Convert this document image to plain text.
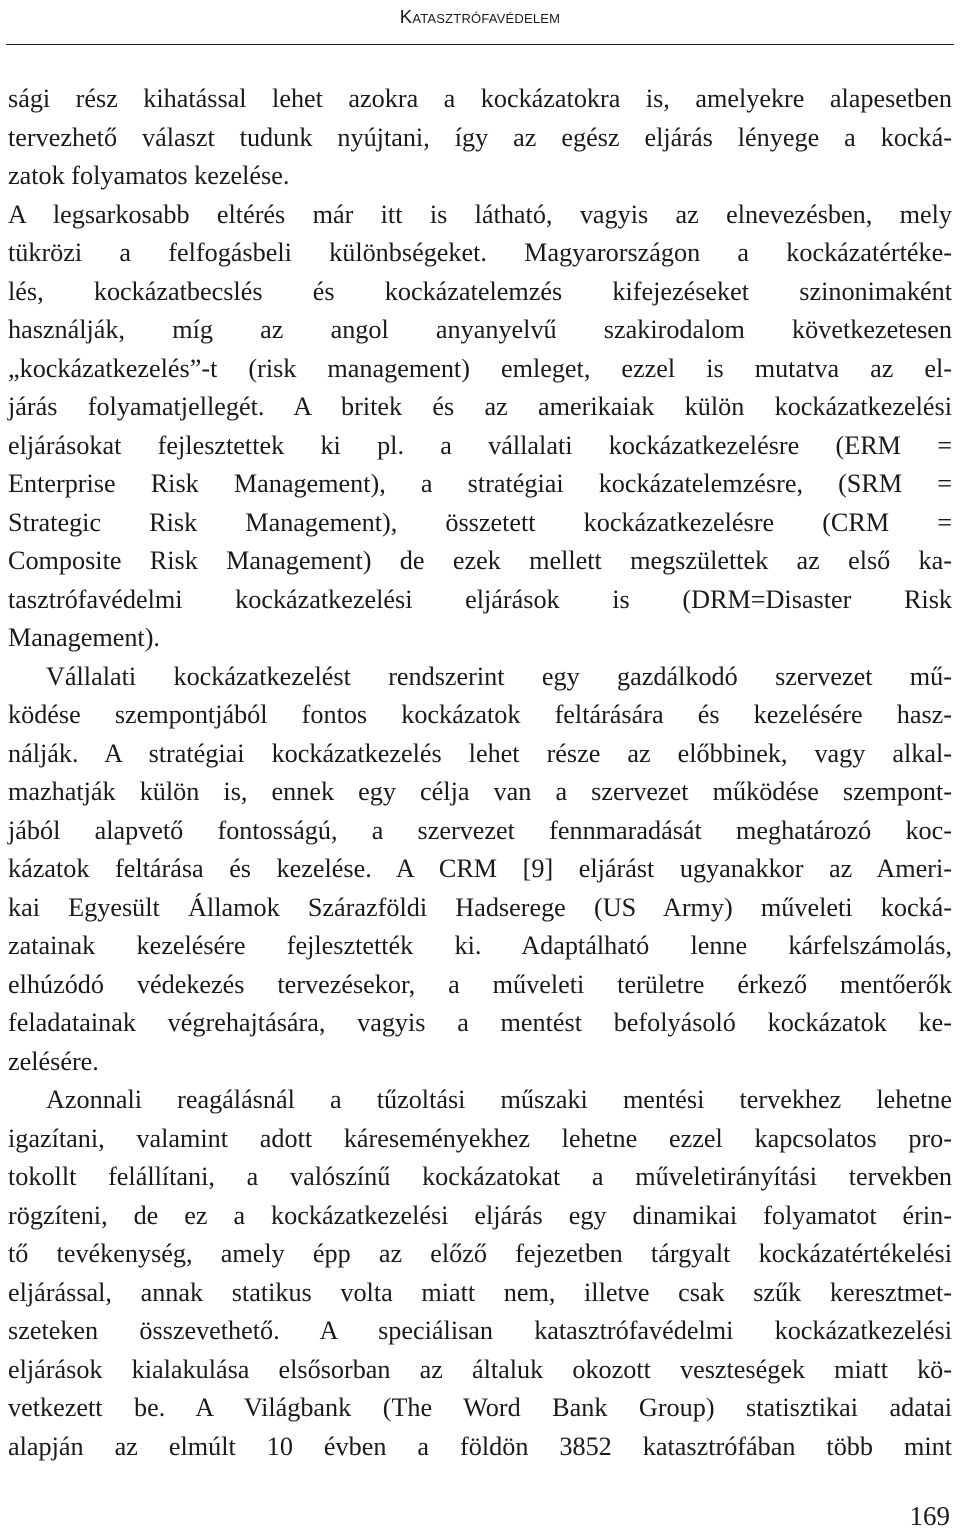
Katasztrófavédelem
sági rész kihatással lehet azokra a kockázatokra is, amelyekre alapesetben
tervezhető választ tudunk nyújtani, így az egész eljárás lényege a kocká-
zatok folyamatos kezelése.
A legsarkosabb eltérés már itt is látható, vagyis az elnevezésben, mely
tükrözi a felfogásbeli különbségeket. Magyarországon a kockázatértéke-
lés, kockázatbecslés és kockázatelemzés kifejezéseket szinonimaként
használják, míg az angol anyanyelvű szakirodalom következetesen
„kockázatkezelés”-t (risk management) emleget, ezzel is mutatva az el-
járás folyamatjellegét. A britek és az amerikaiak külön kockázatkezelési
eljárásokat fejlesztettek ki pl. a vállalati kockázatkezelésre (ERM =
Enterprise Risk Management), a stratégiai kockázatelemzésre, (SRM =
Strategic Risk Management), összetett kockázatkezelésre (CRM =
Composite Risk Management) de ezek mellett megszülettek az első ka-
tasztrófavédelmi kockázatkezelési eljárások is (DRM=Disaster Risk
Management).
Vállalati kockázatkezelést rendszerint egy gazdálkodó szervezet mű-
ködése szempontjából fontos kockázatok feltárására és kezelésére hasz-
nálják. A stratégiai kockázatkezelés lehet része az előbbinek, vagy alkal-
mazhatják külön is, ennek egy célja van a szervezet működése szempont-
jából alapvető fontosságú, a szervezet fennmaradását meghatározó koc-
kázatok feltárása és kezelése. A CRM [9] eljárást ugyanakkor az Ameri-
kai Egyesült Államok Szárazföldi Hadserege (US Army) műveleti kocká-
zatainak kezelésére fejlesztették ki. Adaptálható lenne kárfelszámolás,
elhúzódó védekezés tervezésekor, a műveleti területre érkező mentőerők
feladatainak végrehajtására, vagyis a mentést befolyásoló kockázatok ke-
zelésére.
Azonnali reagálásnál a tűzoltási műszaki mentési tervekhez lehetne
igazítani, valamint adott káreseményekhez lehetne ezzel kapcsolatos pro-
tokollt felállítani, a valószínű kockázatokat a műveletirányítási tervekben
rögzíteni, de ez a kockázatkezelési eljárás egy dinamikai folyamatot érin-
tő tevékenység, amely épp az előző fejezetben tárgyalt kockázatértékelési
eljárással, annak statikus volta miatt nem, illetve csak szűk keresztmet-
szeteken összevethető. A speciálisan katasztrófavédelmi kockázatkezelési
eljárások kialakulása elsősorban az általuk okozott veszteségek miatt kö-
vetkezett be. A Világbank (The Word Bank Group) statisztikai adatai
alapján az elmúlt 10 évben a földön 3852 katasztrófában több mint
169
